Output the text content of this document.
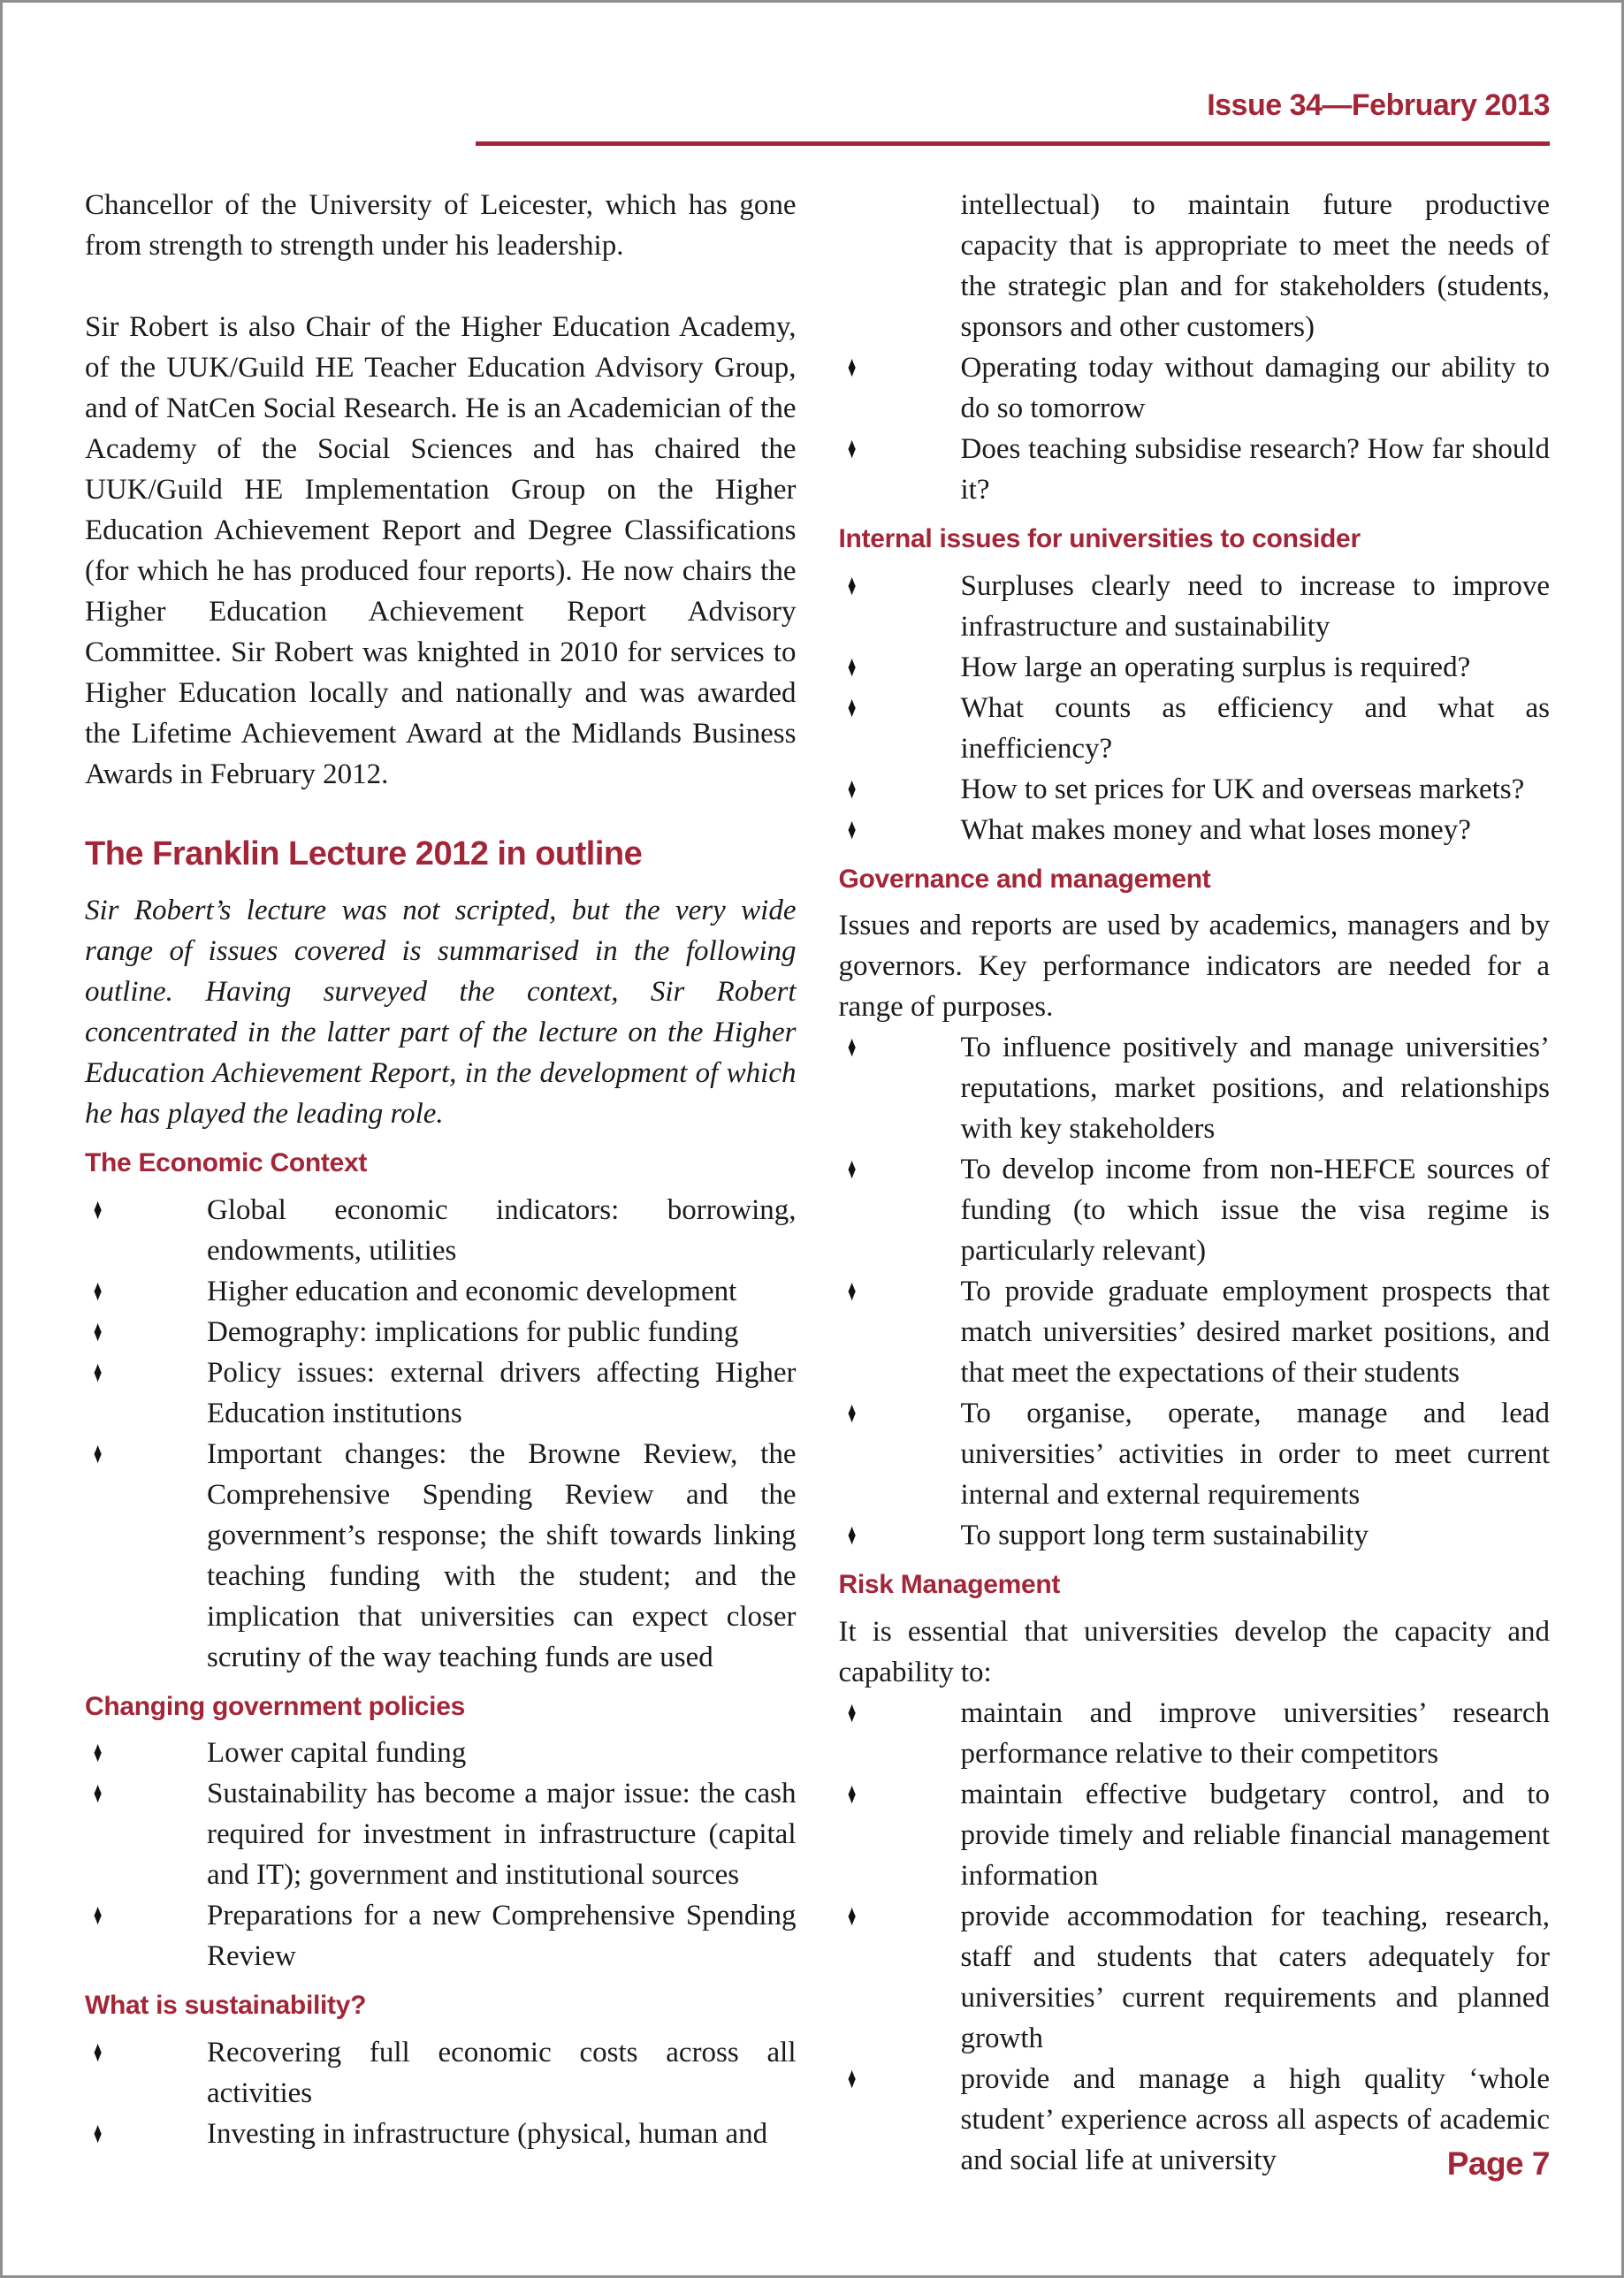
Issue 34—February 2013

Chancellor of the University of Leicester, which has gone from strength to strength under his leadership.

Sir Robert is also Chair of the Higher Education Academy, of the UUK/Guild HE Teacher Education Advisory Group, and of NatCen Social Research. He is an Academician of the Academy of the Social Sciences and has chaired the UUK/Guild HE Implementation Group on the Higher Education Achievement Report and Degree Classifications (for which he has produced four reports). He now chairs the Higher Education Achievement Report Advisory Committee. Sir Robert was knighted in 2010 for services to Higher Education locally and nationally and was awarded the Lifetime Achievement Award at the Midlands Business Awards in February 2012.

The Franklin Lecture 2012 in outline

Sir Robert’s lecture was not scripted, but the very wide range of issues covered is summarised in the following outline. Having surveyed the context, Sir Robert concentrated in the latter part of the lecture on the Higher Education Achievement Report, in the development of which he has played the leading role.

The Economic Context
♦	Global economic indicators: borrowing, endowments, utilities
♦	Higher education and economic development
♦	Demography: implications for public funding
♦	Policy issues: external drivers affecting Higher Education institutions
♦	Important changes: the Browne Review, the Comprehensive Spending Review and the government’s response; the shift towards linking teaching funding with the student; and the implication that universities can expect closer scrutiny of the way teaching funds are used
Changing government policies
♦	Lower capital funding
♦	Sustainability has become a major issue: the cash required for investment in infrastructure (capital and IT); government and institutional sources
♦	Preparations for a new Comprehensive Spending Review
What is sustainability?
♦	Recovering full economic costs across all activities
♦	Investing in infrastructure (physical, human and
intellectual) to maintain future productive capacity that is appropriate to meet the needs of the strategic plan and for stakeholders (students, sponsors and other customers)
♦	Operating today without damaging our ability to do so tomorrow
♦	Does teaching subsidise research? How far should it?
Internal issues for universities to consider
♦	Surpluses clearly need to increase to improve infrastructure and sustainability
♦	How large an operating surplus is required?
♦	What counts as efficiency and what as inefficiency?
♦	How to set prices for UK and overseas markets?
♦	What makes money and what loses money?
Governance and management

Issues and reports are used by academics, managers and by governors. Key performance indicators are needed for a range of purposes.

♦	To influence positively and manage universities’ reputations, market positions, and relationships with key stakeholders
♦	To develop income from non-HEFCE sources of funding (to which issue the visa regime is particularly relevant)
♦	To provide graduate employment prospects that match universities’ desired market positions, and that meet the expectations of their students
♦	To organise, operate, manage and lead universities’ activities in order to meet current internal and external requirements
♦	To support long term sustainability
Risk Management

It is essential that universities develop the capacity and capability to:

♦	maintain and improve universities’ research performance relative to their competitors
♦	maintain effective budgetary control, and to provide timely and reliable financial management information
♦	provide accommodation for teaching, research, staff and students that caters adequately for universities’ current requirements and planned growth
♦	provide and manage a high quality ‘whole student’ experience across all aspects of academic and social life at university	Page 7
